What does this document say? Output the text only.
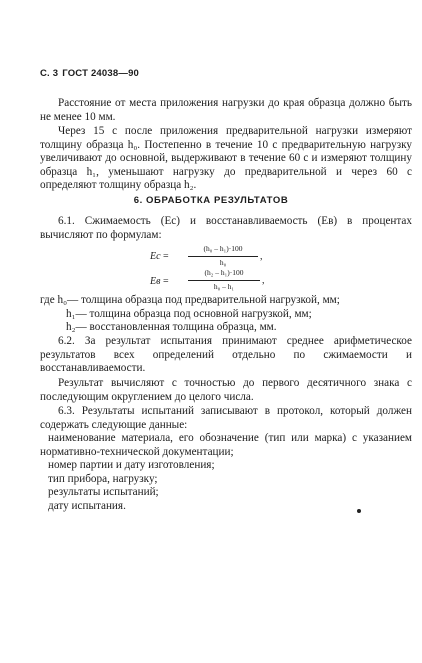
С. 3 ГОСТ 24038—90

Расстояние от места приложения нагрузки до края образца должно быть не менее 10 мм.

Через 15 с после приложения предварительной нагрузки измеряют толщину образца h₀. Постепенно в течение 10 с предварительную нагрузку увеличивают до основной, выдерживают в течение 60 с и измеряют толщину образца h₁, уменьшают нагрузку до предварительной и через 60 с определяют толщину образца h₂.

6. ОБРАБОТКА РЕЗУЛЬТАТОВ

6.1. Сжимаемость (Eс) и восстанавливаемость (Eв) в процентах вычисляют по формулам:

Eс =
(h₀ – h₁)·100
h₀
,
Eв =
(h₂ – h₁)·100
h₀ – h₁
,
где h₀— толщина образца под предварительной нагрузкой, мм;
h₁— толщина образца под основной нагрузкой, мм;
h₂— восстановленная толщина образца, мм.

6.2. За результат испытания принимают среднее арифметическое результатов всех определений отдельно по сжимаемости и восстанавливаемости.

Результат вычисляют с точностью до первого десятичного знака с последующим округлением до целого числа.

6.3. Результаты испытаний записывают в протокол, который должен содержать следующие данные:

наименование материала, его обозначение (тип или марка) с указанием нормативно-технической документации;
номер партии и дату изготовления;
тип прибора, нагрузку;
результаты испытаний;
дату испытания.
